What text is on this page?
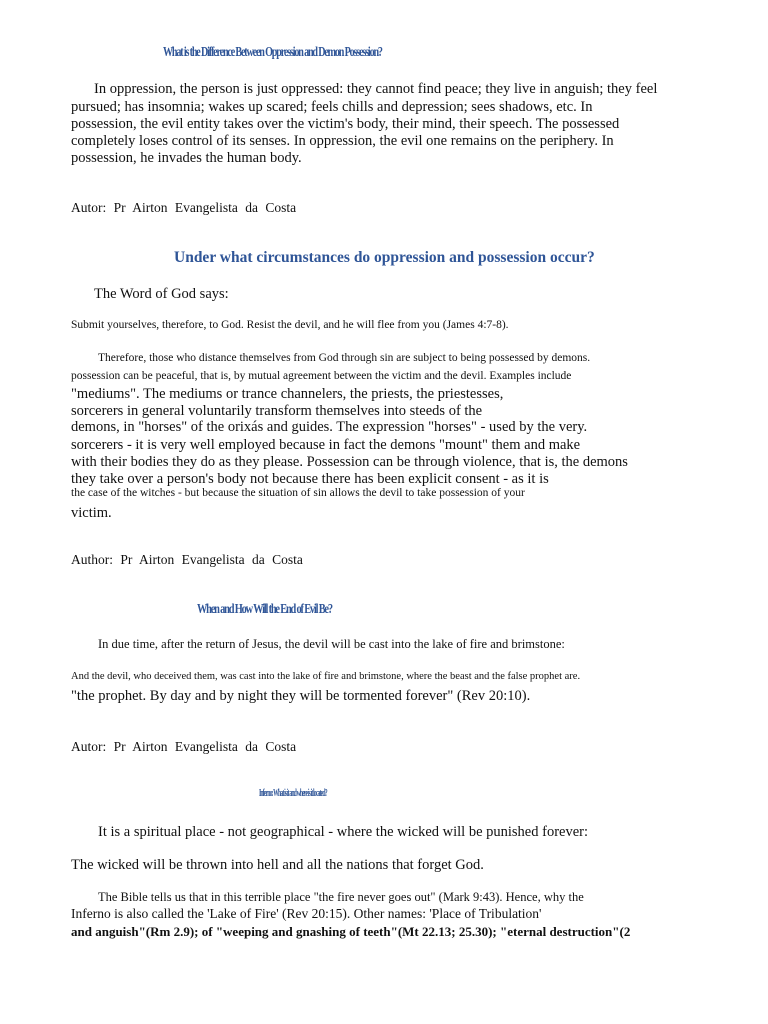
What is the Difference Between Oppression and Demon Possession?
In oppression, the person is just oppressed: they cannot find peace; they live in anguish; they feel
pursued; has insomnia; wakes up scared; feels chills and depression; sees shadows, etc. In
possession, the evil entity takes over the victim's body, their mind, their speech. The possessed
completely loses control of its senses. In oppression, the evil one remains on the periphery. In
possession, he invades the human body.
Autor: Pr Airton Evangelista da Costa
Under what circumstances do oppression and possession occur?
The Word of God says:
Submit yourselves, therefore, to God. Resist the devil, and he will flee from you (James 4:7-8).
Therefore, those who distance themselves from God through sin are subject to being possessed by demons.
possession can be peaceful, that is, by mutual agreement between the victim and the devil. Examples include
"mediums". The mediums or trance channelers, the priests, the priestesses,
sorcerers in general voluntarily transform themselves into steeds of the
demons, in "horses" of the orixás and guides. The expression "horses" - used by the very.
sorcerers - it is very well employed because in fact the demons "mount" them and make
with their bodies they do as they please. Possession can be through violence, that is, the demons
they take over a person's body not because there has been explicit consent - as it is
the case of the witches - but because the situation of sin allows the devil to take possession of your
victim.
Author: Pr Airton Evangelista da Costa
When and How Will the End of Evil Be?
In due time, after the return of Jesus, the devil will be cast into the lake of fire and brimstone:
And the devil, who deceived them, was cast into the lake of fire and brimstone, where the beast and the false prophet are.
"the prophet. By day and by night they will be tormented forever" (Rev 20:10).
Autor: Pr Airton Evangelista da Costa
Inferno: What is it and where is it located?
It is a spiritual place - not geographical - where the wicked will be punished forever:
The wicked will be thrown into hell and all the nations that forget God.
The Bible tells us that in this terrible place "the fire never goes out" (Mark 9:43). Hence, why the
Inferno is also called the 'Lake of Fire' (Rev 20:15). Other names: 'Place of Tribulation'
and anguish"(Rm 2.9); of "weeping and gnashing of teeth"(Mt 22.13; 25.30); "eternal destruction"(2
